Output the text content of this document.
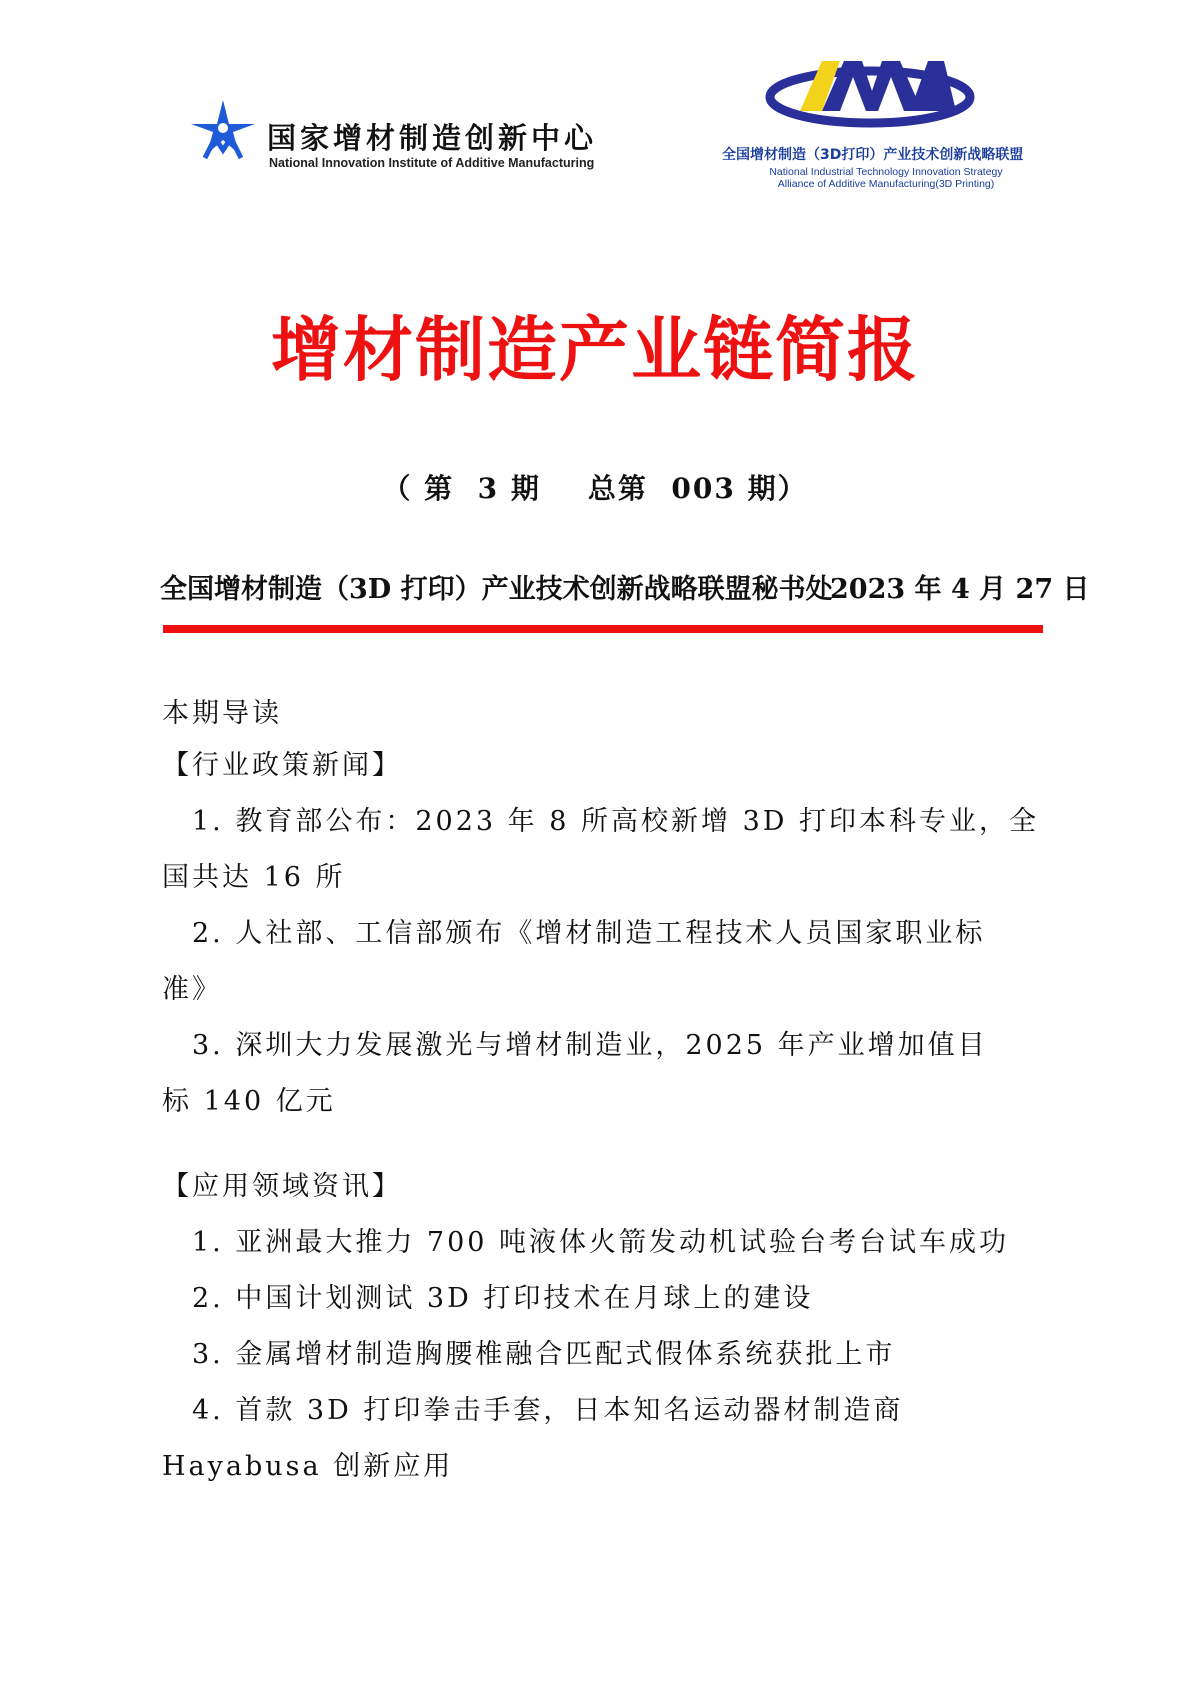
国家增材制造创新中心
National Innovation Institute of Additive Manufacturing	全国增材制造（3D打印）产业技术创新战略联盟
National Industrial Technology Innovation Strategy
Alliance of Additive Manufacturing(3D Printing)
增材制造产业链简报
（ 第  3 期    总第  003 期）
全国增材制造（3D 打印）产业技术创新战略联盟秘书处
2023 年 4 月 27 日
本期导读
【行业政策新闻】
1. 教育部公布：2023 年 8 所高校新增 3D 打印本科专业，全
国共达 16 所
2. 人社部、工信部颁布《增材制造工程技术人员国家职业标
准》
3. 深圳大力发展激光与增材制造业，2025 年产业增加值目
标 140 亿元
【应用领域资讯】
1. 亚洲最大推力 700 吨液体火箭发动机试验台考台试车成功
2. 中国计划测试 3D 打印技术在月球上的建设
3. 金属增材制造胸腰椎融合匹配式假体系统获批上市
4. 首款 3D 打印拳击手套，日本知名运动器材制造商
Hayabusa 创新应用
